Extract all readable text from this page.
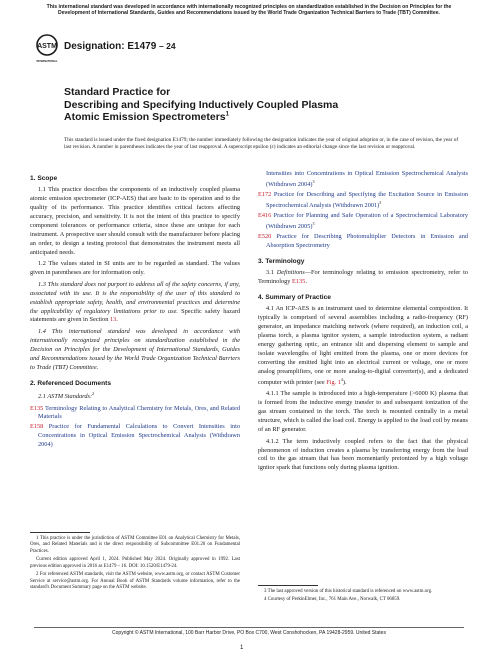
This international standard was developed in accordance with internationally recognized principles on standardization established in the Decision on Principles for the Development of International Standards, Guides and Recommendations issued by the World Trade Organization Technical Barriers to Trade (TBT) Committee.
ASTM
INTERNATIONAL
Designation: E1479 – 24
Standard Practice for
Describing and Specifying Inductively Coupled Plasma
Atomic Emission Spectrometers$^1$
This standard is issued under the fixed designation E1479; the number immediately following the designation indicates the year of original adoption or, in the case of revision, the year of last revision. A number in parentheses indicates the year of last reapproval. A superscript epsilon (ε) indicates an editorial change since the last revision or reapproval.

1. Scope

1.1 This practice describes the components of an inductively coupled plasma atomic emission spectrometer (ICP-AES) that are basic to its operation and to the quality of its performance. This practice identifies critical factors affecting accuracy, precision, and sensitivity. It is not the intent of this practice to specify component tolerances or performance criteria, since these are unique for each instrument. A prospective user should consult with the manufacturer before placing an order, to design a testing protocol that demonstrates the instrument meets all anticipated needs.

1.2 The values stated in SI units are to be regarded as standard. The values given in parentheses are for information only.

1.3 This standard does not purport to address all of the safety concerns, if any, associated with its use. It is the responsibility of the user of this standard to establish appropriate safety, health, and environmental practices and determine the applicability of regulatory limitations prior to use. Specific safety hazard statements are given in Section 13.

1.4 This international standard was developed in accordance with internationally recognized principles on standardization established in the Decision on Principles for the Development of International Standards, Guides and Recommendations issued by the World Trade Organization Technical Barriers to Trade (TBT) Committee.

2. Referenced Documents

2.1 ASTM Standards:$^2$

E135 Terminology Relating to Analytical Chemistry for Metals, Ores, and Related Materials

E158 Practice for Fundamental Calculations to Convert Intensities into Concentrations in Optical Emission Spectrochemical Analysis (Withdrawn 2004)

1 This practice is under the jurisdiction of ASTM Committee E01 on Analytical Chemistry for Metals, Ores, and Related Materials and is the direct responsibility of Subcommittee E01.20 on Fundamental Practices.

Current edition approved April 1, 2024. Published May 2024. Originally approved in 1992. Last previous edition approved in 2016 as E1479 – 16. DOI: 10.1520/E1479-24.

2 For referenced ASTM standards, visit the ASTM website, www.astm.org, or contact ASTM Customer Service at service@astm.org. For Annual Book of ASTM Standards volume information, refer to the standard's Document Summary page on the ASTM website.

Intensities into Concentrations in Optical Emission Spectrochemical Analysis (Withdrawn 2004)$^3$

E172 Practice for Describing and Specifying the Excitation Source in Emission Spectrochemical Analysis (Withdrawn 2001)$^3$

E416 Practice for Planning and Safe Operation of a Spectrochemical Laboratory (Withdrawn 2005)$^3$

E520 Practice for Describing Photomultiplier Detectors in Emission and Absorption Spectrometry

3. Terminology

3.1 Definitions—For terminology relating to emission spectrometry, refer to Terminology E135.

4. Summary of Practice

4.1 An ICP-AES is an instrument used to determine elemental composition. It typically is comprised of several assemblies including a radio-frequency (RF) generator, an impedance matching network (where required), an induction coil, a plasma torch, a plasma ignitor system, a sample introduction system, a radiant energy gathering optic, an entrance slit and dispersing element to sample and isolate wavelengths of light emitted from the plasma, one or more devices for converting the emitted light into an electrical current or voltage, one or more analog preamplifiers, one or more analog-to-digital converter(s), and a dedicated computer with printer (see Fig. $1^4$).

4.1.1 The sample is introduced into a high-temperature (>6000 K) plasma that is formed from the inductive energy transfer to and subsequent ionization of the gas stream contained in the torch. The torch is mounted centrally in a metal structure, which is called the load coil. Energy is applied to the load coil by means of an RF generator.

4.1.2 The term inductively coupled refers to the fact that the physical phenomenon of induction creates a plasma by transferring energy from the load coil to the gas stream that has been momentarily preionized by a high voltage ignitor spark that functions only during plasma ignition.

3 The last approved version of this historical standard is referenced on www.astm.org.

4 Courtesy of PerkinElmer, Inc., 761 Main Ave., Norwalk, CT 06859.

Copyright © ASTM International, 100 Barr Harbor Drive, PO Box C700, West Conshohocken, PA 19428-2959. United States
1
